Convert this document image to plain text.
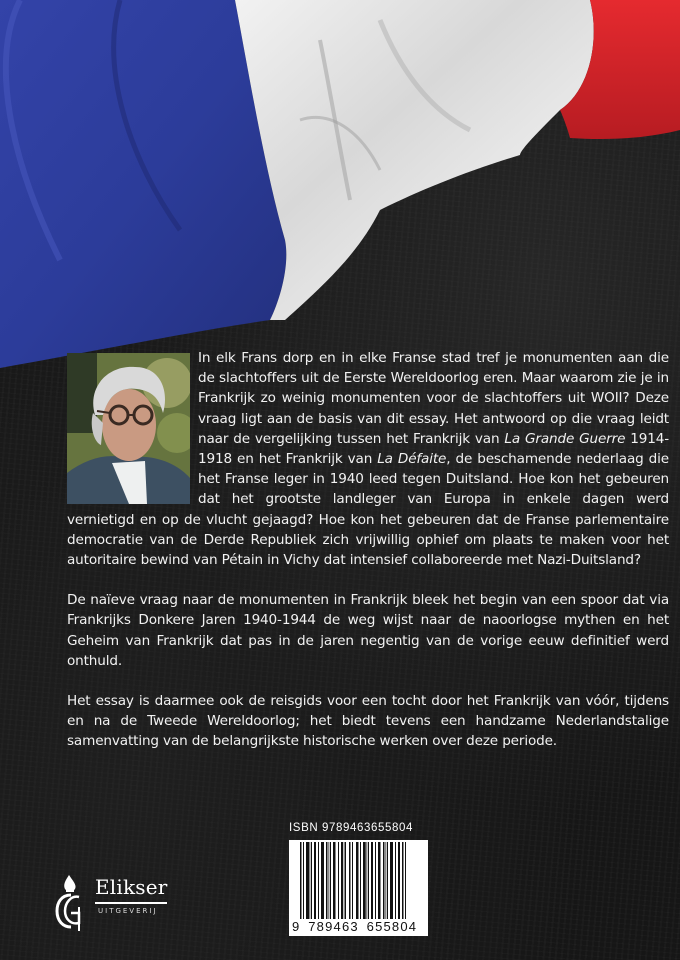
In elk Frans dorp en in elke Franse stad tref je monumenten aan die de slachtoffers uit de Eerste Wereldoorlog eren. Maar waarom zie je in Frankrijk zo weinig monumenten voor de slachtoffers uit WOII? Deze vraag ligt aan de basis van dit essay. Het antwoord op die vraag leidt naar de vergelijking tussen het Frankrijk van La Grande Guerre 1914-1918 en het Frankrijk van La Défaite, de beschamende nederlaag die het Franse leger in 1940 leed tegen Duitsland. Hoe kon het gebeuren dat het grootste landleger van Europa in enkele dagen werd vernietigd en op de vlucht gejaagd? Hoe kon het gebeuren dat de Franse parlementaire democratie van de Derde Republiek zich vrijwillig ophief om plaats te maken voor het autoritaire bewind van Pétain in Vichy dat intensief collaboreerde met Nazi-Duitsland?

De naïeve vraag naar de monumenten in Frankrijk bleek het begin van een spoor dat via Frankrijks Donkere Jaren 1940-1944 de weg wijst naar de naoorlogse mythen en het Geheim van Frankrijk dat pas in de jaren negentig van de vorige eeuw definitief werd onthuld.

Het essay is daarmee ook de reisgids voor een tocht door het Frankrijk van vóór, tijdens en na de Tweede Wereldoorlog; het biedt tevens een handzame Nederlandstalige samenvatting van de belangrijkste historische werken over deze periode.

Elikser
UITGEVERIJ
ISBN 9789463655804
9 789463 655804
